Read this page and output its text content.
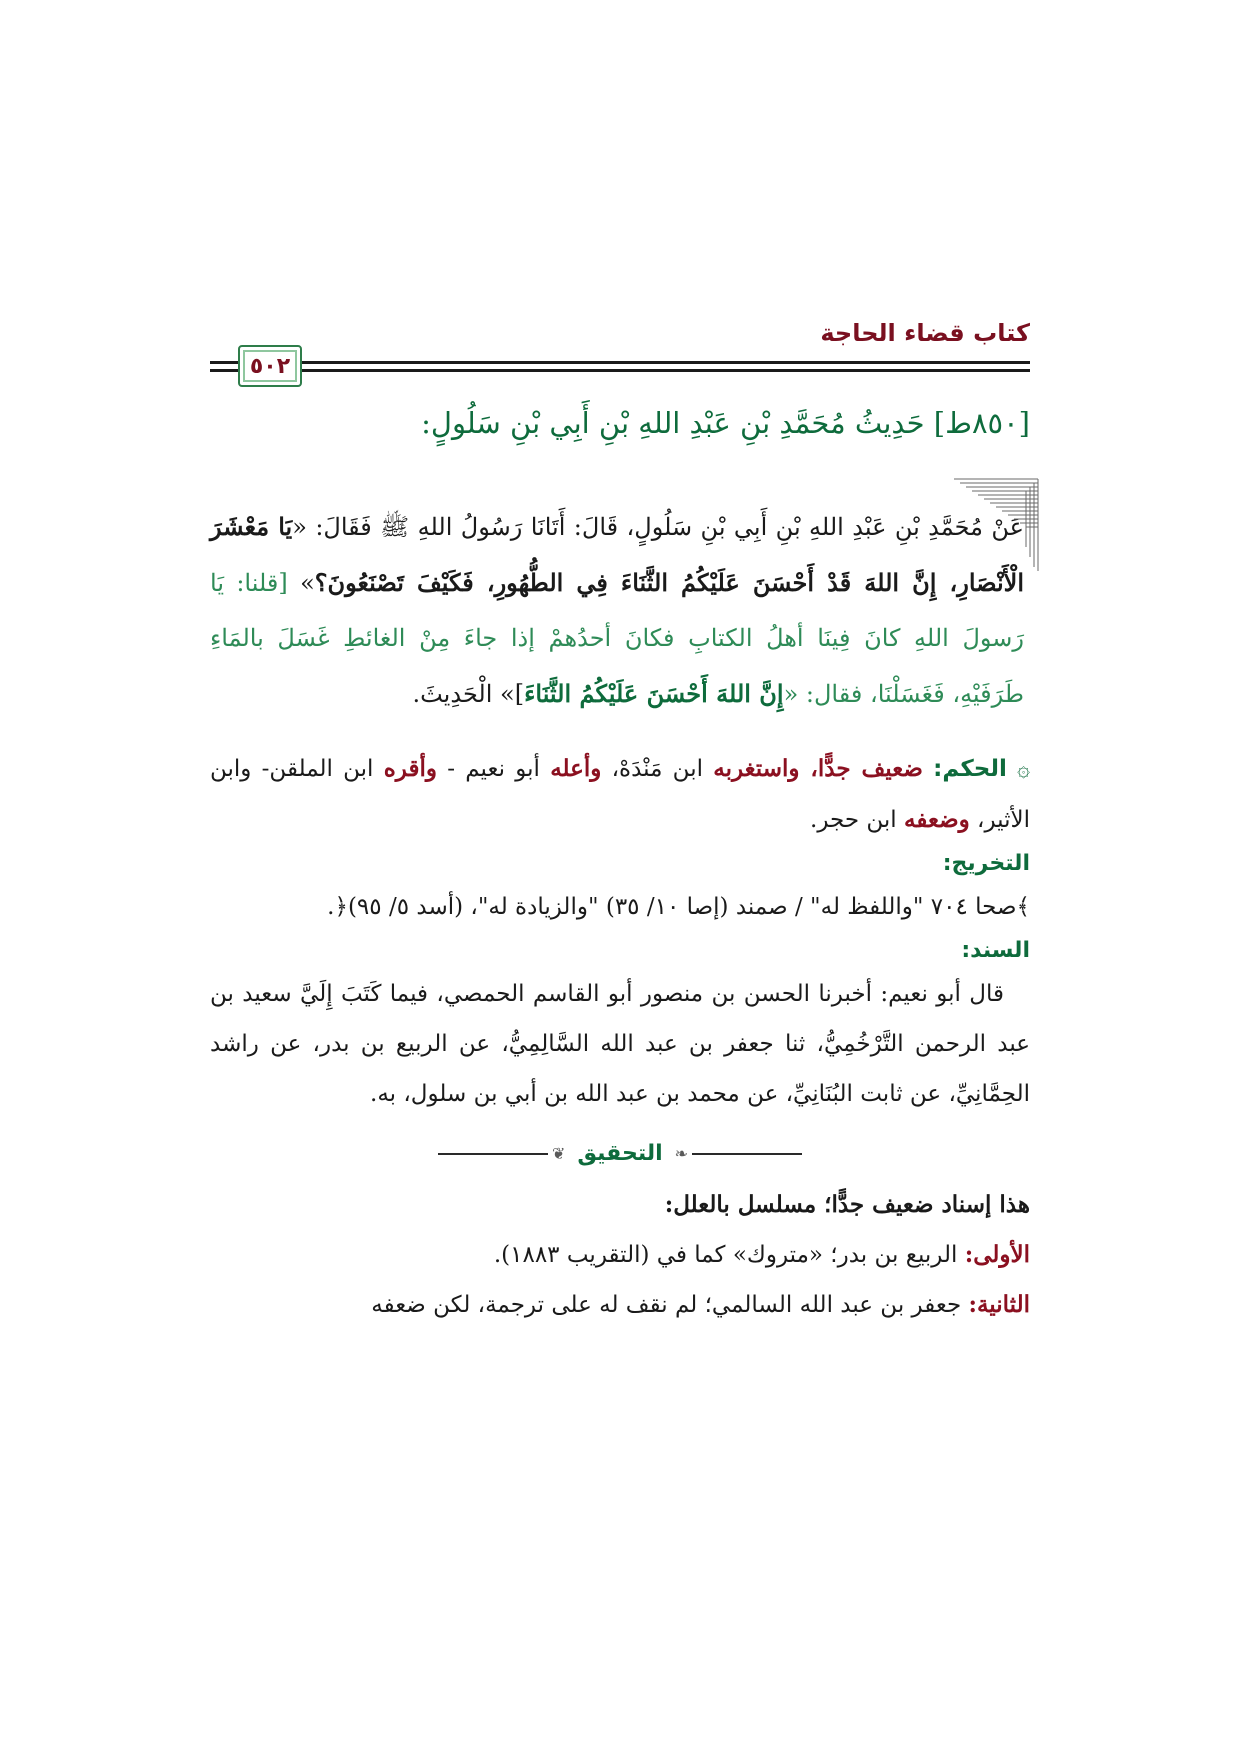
كتاب قضاء الحاجة
٥٠٢
[٨٥٠ط] حَدِيثُ مُحَمَّدِ بْنِ عَبْدِ اللهِ بْنِ أَبِي بْنِ سَلُولٍ:
عَنْ مُحَمَّدِ بْنِ عَبْدِ اللهِ بْنِ أَبِي بْنِ سَلُولٍ، قَالَ: أَتَانَا رَسُولُ اللهِ ﷺ فَقَالَ: «يَا مَعْشَرَ الْأَنْصَارِ، إِنَّ اللهَ قَدْ أَحْسَنَ عَلَيْكُمُ الثَّنَاءَ فِي الطُّهُورِ، فَكَيْفَ تَصْنَعُونَ؟» [قلنا: يَا رَسولَ اللهِ كانَ فِينَا أهلُ الكتابِ فكانَ أحدُهمْ إذا جاءَ مِنْ الغائطِ غَسَلَ بالمَاءِ طَرَفَيْهِ، فَغَسَلْنَا، فقال: «إِنَّ اللهَ أَحْسَنَ عَلَيْكُمُ الثَّنَاءَ]» الْحَدِيثَ.
۞ الحكم: ضعيف جدًّا، واستغربه ابن مَنْدَهْ، وأعله أبو نعيم - وأقره ابن الملقن- وابن الأثير، وضعفه ابن حجر.
التخريج:
﴾صحا ٧٠٤ "واللفظ له" / صمند (إصا ١٠/ ٣٥) "والزيادة له"، (أسد ٥/ ٩٥)﴿.
السند:
قال أبو نعيم: أخبرنا الحسن بن منصور أبو القاسم الحمصي، فيما كَتَبَ إِلَيَّ سعيد بن عبد الرحمن التَّرْخُمِيُّ، ثنا جعفر بن عبد الله السَّالِمِيُّ، عن الربيع بن بدر، عن راشد الحِمَّانِيِّ، عن ثابت البُنَانِيِّ، عن محمد بن عبد الله بن أبي بن سلول، به.
❦ التحقيق ❧
هذا إسناد ضعيف جدًّا؛ مسلسل بالعلل:
الأولى: الربيع بن بدر؛ «متروك» كما في (التقريب ١٨٨٣).
الثانية: جعفر بن عبد الله السالمي؛ لم نقف له على ترجمة، لكن ضعفه
